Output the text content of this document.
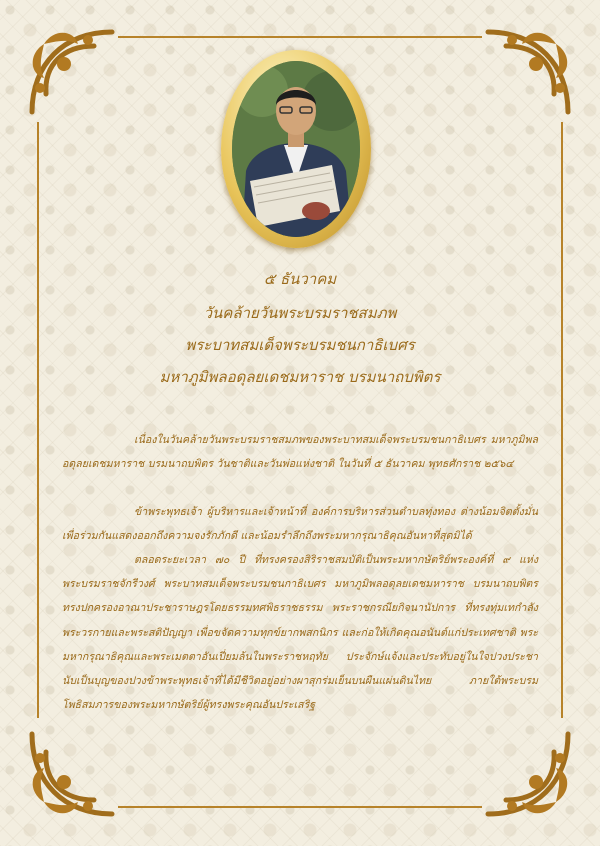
๕ ธันวาคม
วันคล้ายวันพระบรมราชสมภพ
พระบาทสมเด็จพระบรมชนกาธิเบศร
มหาภูมิพลอดุลยเดชมหาราช บรมนาถบพิตร
เนื่องในวันคล้ายวันพระบรมราชสมภพของพระบาทสมเด็จพระบรมชนกาธิเบศร มหาภูมิพลอดุลยเดชมหาราช บรมนาถบพิตร วันชาติและวันพ่อแห่งชาติ ในวันที่ ๕ ธันวาคม พุทธศักราช ๒๕๖๔
ข้าพระพุทธเจ้า ผู้บริหารและเจ้าหน้าที่ องค์การบริหารส่วนตำบลทุ่งทอง ต่างน้อมจิตตั้งมั่นเพื่อร่วมกันแสดงออกถึงความจงรักภักดี และน้อมรำลึกถึงพระมหากรุณาธิคุณอันหาที่สุดมิได้
ตลอดระยะเวลา ๗๐ ปี ที่ทรงครองสิริราชสมบัติเป็นพระมหากษัตริย์พระองค์ที่ ๙ แห่งพระบรมราชจักรีวงศ์ พระบาทสมเด็จพระบรมชนกาธิเบศร มหาภูมิพลอดุลยเดชมหาราช บรมนาถบพิตร ทรงปกครองอาณาประชาราษฎรโดยธรรมทศพิธราชธรรม พระราชกรณียกิจนานัปการ ที่ทรงทุ่มเทกำลังพระวรกายและพระสติปัญญา เพื่อขจัดความทุกข์ยากพสกนิกร และก่อให้เกิดคุณอนันต์แก่ประเทศชาติ พระมหากรุณาธิคุณและพระเมตตาอันเปี่ยมล้นในพระราชหฤทัย ประจักษ์แจ้งและประทับอยู่ในใจปวงประชา นับเป็นบุญของปวงข้าพระพุทธเจ้าที่ได้มีชีวิตอยู่อย่างผาสุกร่มเย็นบนผืนแผ่นดินไทย ภายใต้พระบรมโพธิสมภารของพระมหากษัตริย์ผู้ทรงพระคุณอันประเสริฐ
